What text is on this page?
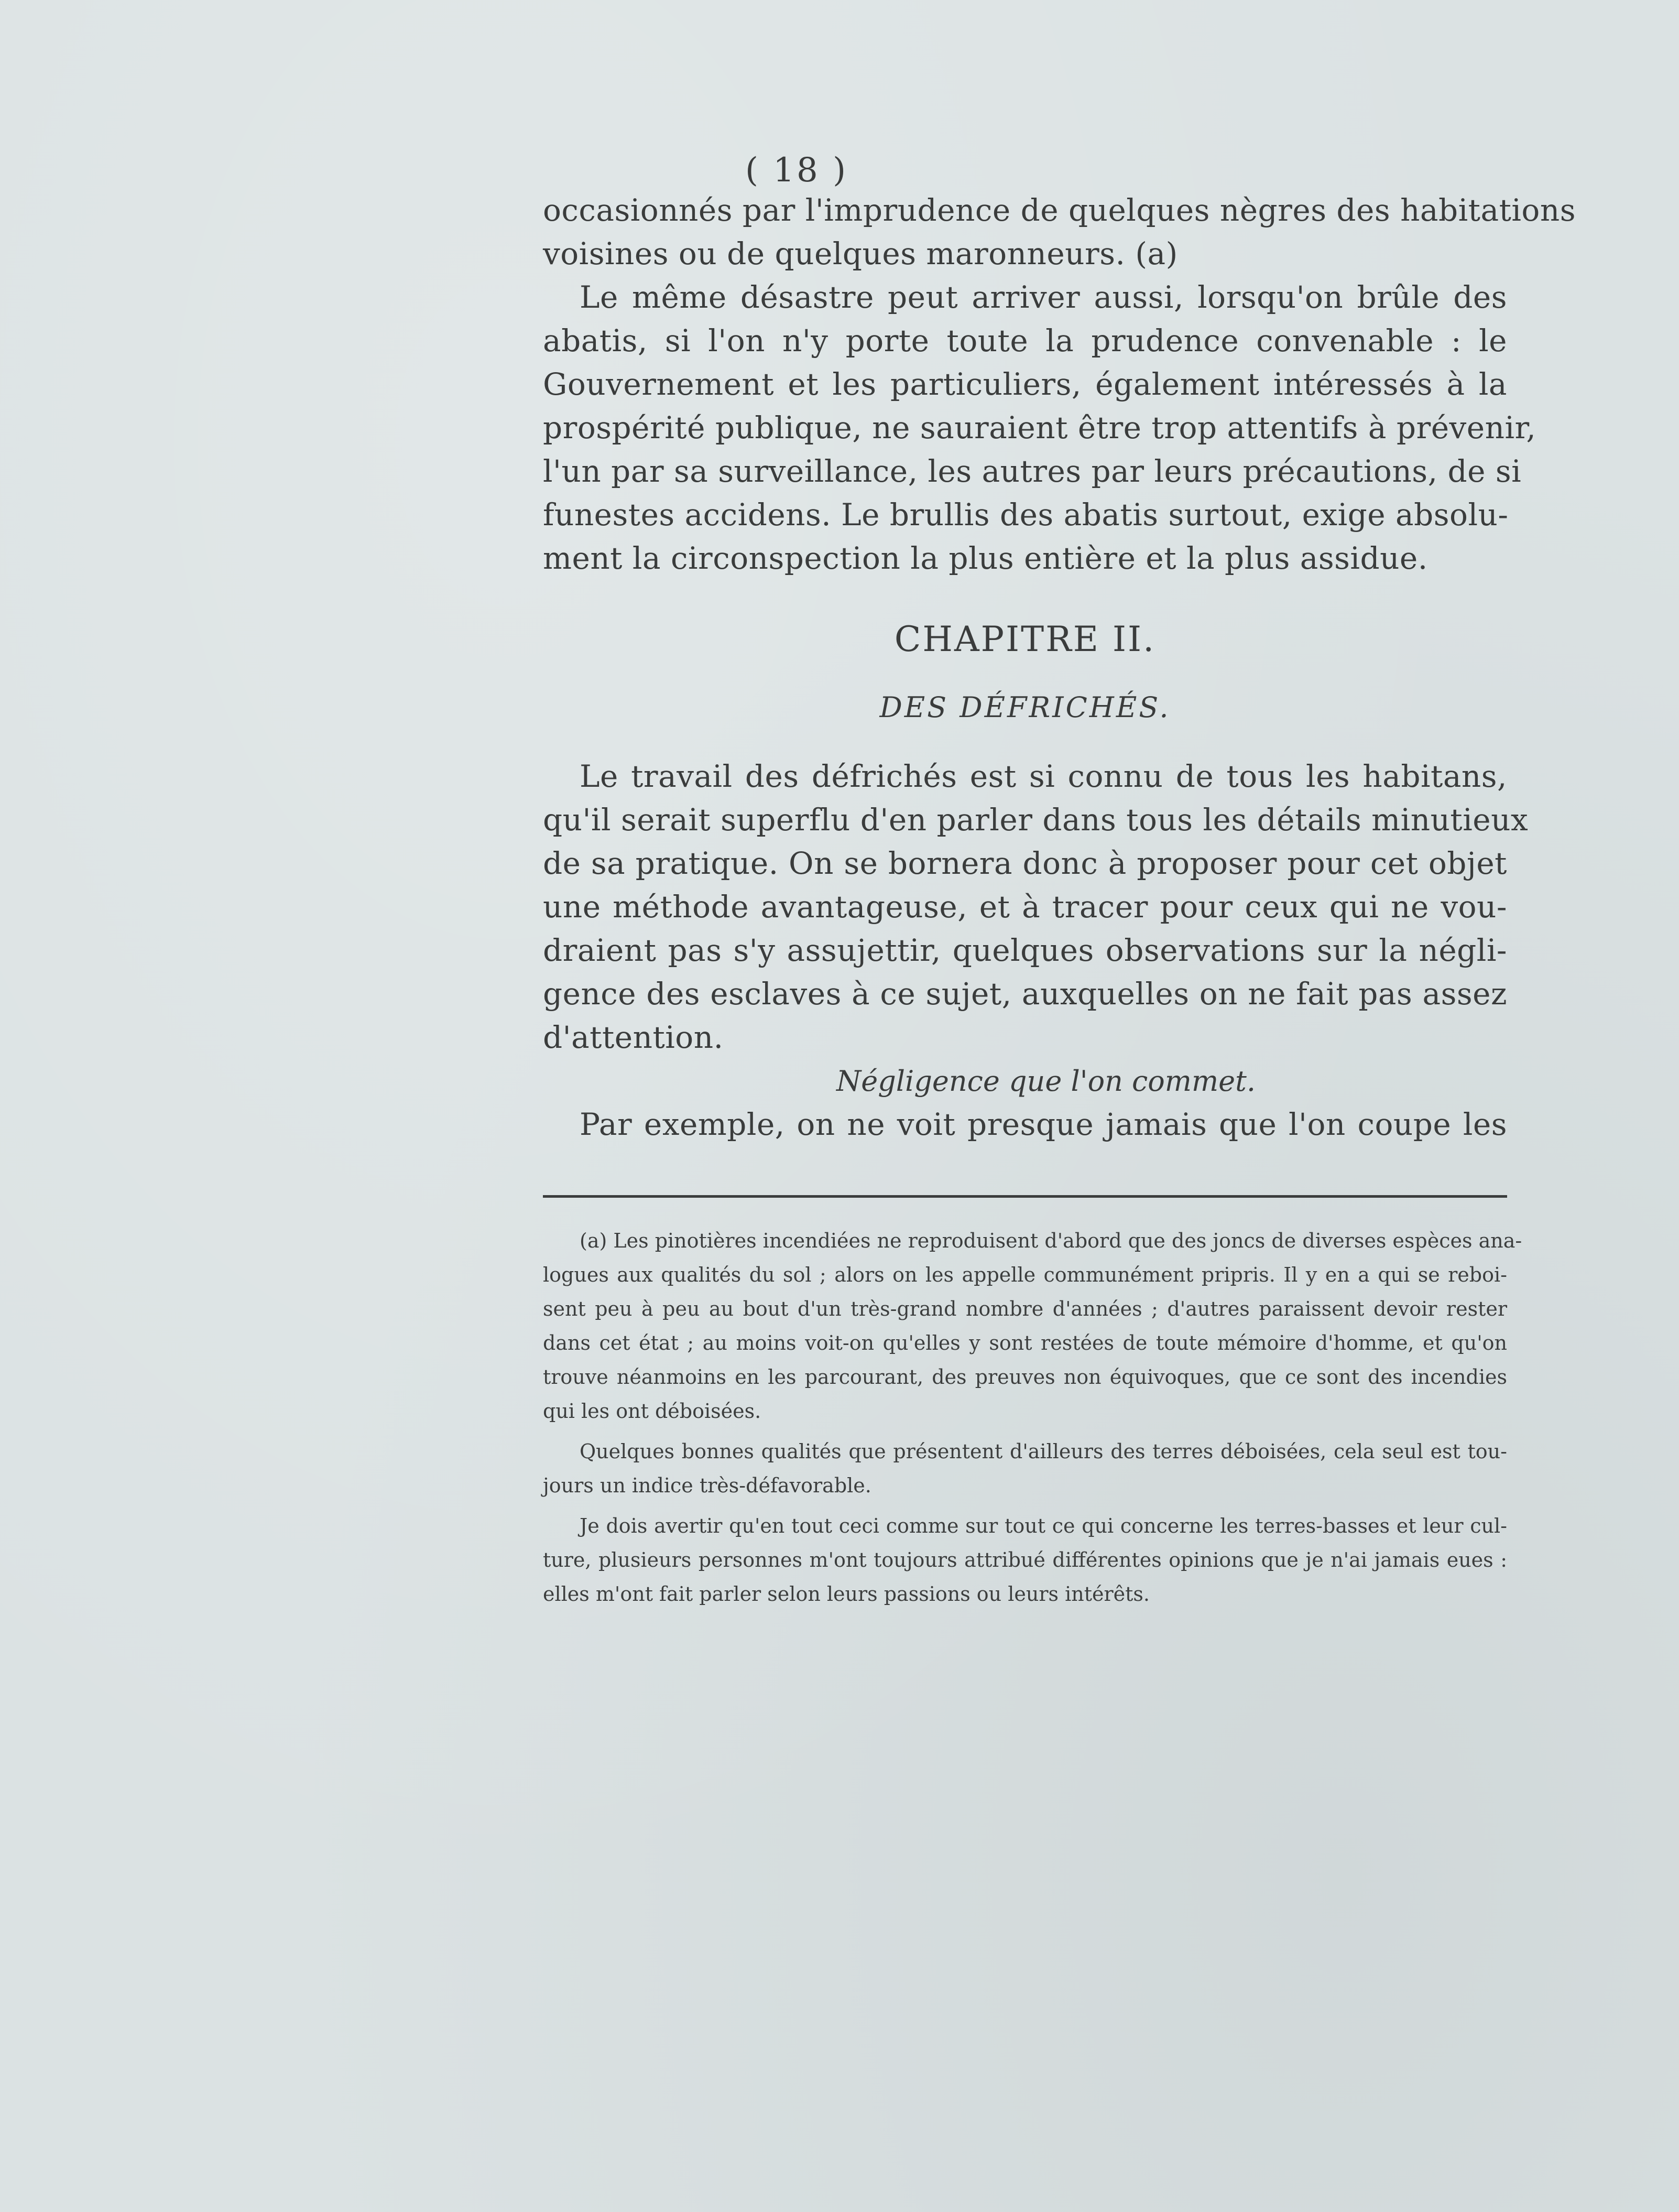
( 18 )
occasionnés par l'imprudence de quelques nègres des habitations
voisines ou de quelques maronneurs. (a)
Le même désastre peut arriver aussi, lorsqu'on brûle des
abatis, si l'on n'y porte toute la prudence convenable : le
Gouvernement et les particuliers, également intéressés à la
prospérité publique, ne sauraient être trop attentifs à prévenir,
l'un par sa surveillance, les autres par leurs précautions, de si
funestes accidens. Le brullis des abatis surtout, exige absolu-
ment la circonspection la plus entière et la plus assidue.
CHAPITRE II.
DES DÉFRICHÉS.
Le travail des défrichés est si connu de tous les habitans,
qu'il serait superflu d'en parler dans tous les détails minutieux
de sa pratique. On se bornera donc à proposer pour cet objet
une méthode avantageuse, et à tracer pour ceux qui ne vou-
draient pas s'y assujettir, quelques observations sur la négli-
gence des esclaves à ce sujet, auxquelles on ne fait pas assez
d'attention.
Négligence que l'on commet.
Par exemple, on ne voit presque jamais que l'on coupe les
(a) Les pinotières incendiées ne reproduisent d'abord que des joncs de diverses espèces ana-
logues aux qualités du sol ; alors on les appelle communément pripris. Il y en a qui se reboi-
sent peu à peu au bout d'un très-grand nombre d'années ; d'autres paraissent devoir rester
dans cet état ; au moins voit-on qu'elles y sont restées de toute mémoire d'homme, et qu'on
trouve néanmoins en les parcourant, des preuves non équivoques, que ce sont des incendies
qui les ont déboisées.
Quelques bonnes qualités que présentent d'ailleurs des terres déboisées, cela seul est tou-
jours un indice très-défavorable.
Je dois avertir qu'en tout ceci comme sur tout ce qui concerne les terres-basses et leur cul-
ture, plusieurs personnes m'ont toujours attribué différentes opinions que je n'ai jamais eues :
elles m'ont fait parler selon leurs passions ou leurs intérêts.
